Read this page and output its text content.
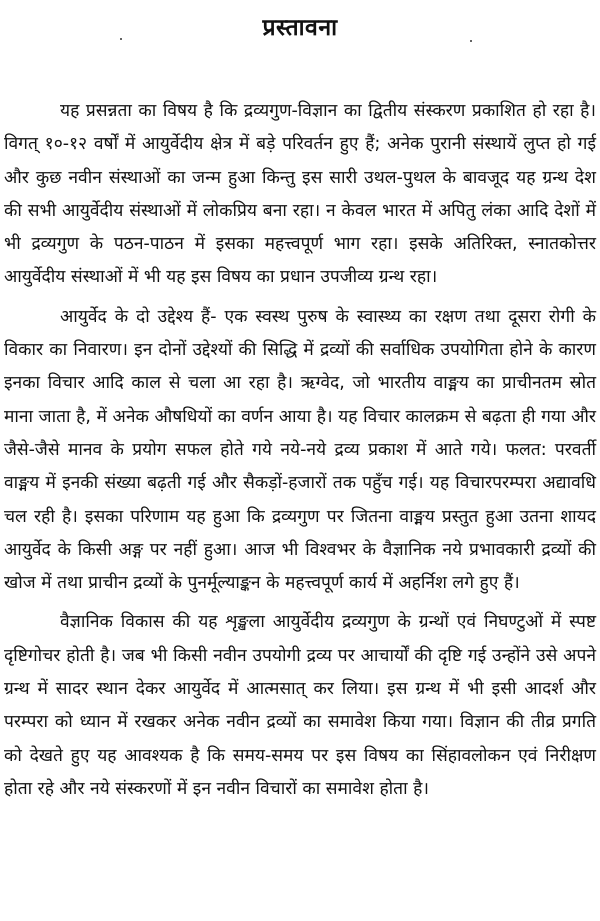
प्रस्तावना

यह प्रसन्नता का विषय है कि द्रव्यगुण-विज्ञान का द्वितीय संस्करण प्रकाशित हो रहा है। विगत् १०-१२ वर्षों में आयुर्वेदीय क्षेत्र में बड़े परिवर्तन हुए हैं; अनेक पुरानी संस्थायें लुप्त हो गई और कुछ नवीन संस्थाओं का जन्म हुआ किन्तु इस सारी उथल-पुथल के बावजूद यह ग्रन्थ देश की सभी आयुर्वेदीय संस्थाओं में लोकप्रिय बना रहा। न केवल भारत में अपितु लंका आदि देशों में भी द्रव्यगुण के पठन-पाठन में इसका महत्त्वपूर्ण भाग रहा। इसके अतिरिक्त, स्नातकोत्तर आयुर्वेदीय संस्थाओं में भी यह इस विषय का प्रधान उपजीव्य ग्रन्थ रहा।

आयुर्वेद के दो उद्देश्य हैं- एक स्वस्थ पुरुष के स्वास्थ्य का रक्षण तथा दूसरा रोगी के विकार का निवारण। इन दोनों उद्देश्यों की सिद्धि में द्रव्यों की सर्वाधिक उपयोगिता होने के कारण इनका विचार आदि काल से चला आ रहा है। ऋग्वेद, जो भारतीय वाङ्मय का प्राचीनतम स्रोत माना जाता है, में अनेक औषधियों का वर्णन आया है। यह विचार कालक्रम से बढ़ता ही गया और जैसे-जैसे मानव के प्रयोग सफल होते गये नये-नये द्रव्य प्रकाश में आते गये। फलत: परवर्ती वाङ्मय में इनकी संख्या बढ़ती गई और सैकड़ों-हजारों तक पहुँच गई। यह विचारपरम्परा अद्यावधि चल रही है। इसका परिणाम यह हुआ कि द्रव्यगुण पर जितना वाङ्मय प्रस्तुत हुआ उतना शायद आयुर्वेद के किसी अङ्ग पर नहीं हुआ। आज भी विश्वभर के वैज्ञानिक नये प्रभावकारी द्रव्यों की खोज में तथा प्राचीन द्रव्यों के पुनर्मूल्याङ्कन के महत्त्वपूर्ण कार्य में अहर्निश लगे हुए हैं।

वैज्ञानिक विकास की यह शृङ्खला आयुर्वेदीय द्रव्यगुण के ग्रन्थों एवं निघण्टुओं में स्पष्ट दृष्टिगोचर होती है। जब भी किसी नवीन उपयोगी द्रव्य पर आचार्यों की दृष्टि गई उन्होंने उसे अपने ग्रन्थ में सादर स्थान देकर आयुर्वेद में आत्मसात् कर लिया। इस ग्रन्थ में भी इसी आदर्श और परम्परा को ध्यान में रखकर अनेक नवीन द्रव्यों का समावेश किया गया। विज्ञान की तीव्र प्रगति को देखते हुए यह आवश्यक है कि समय-समय पर इस विषय का सिंहावलोकन एवं निरीक्षण होता रहे और नये संस्करणों में इन नवीन विचारों का समावेश होता है।
